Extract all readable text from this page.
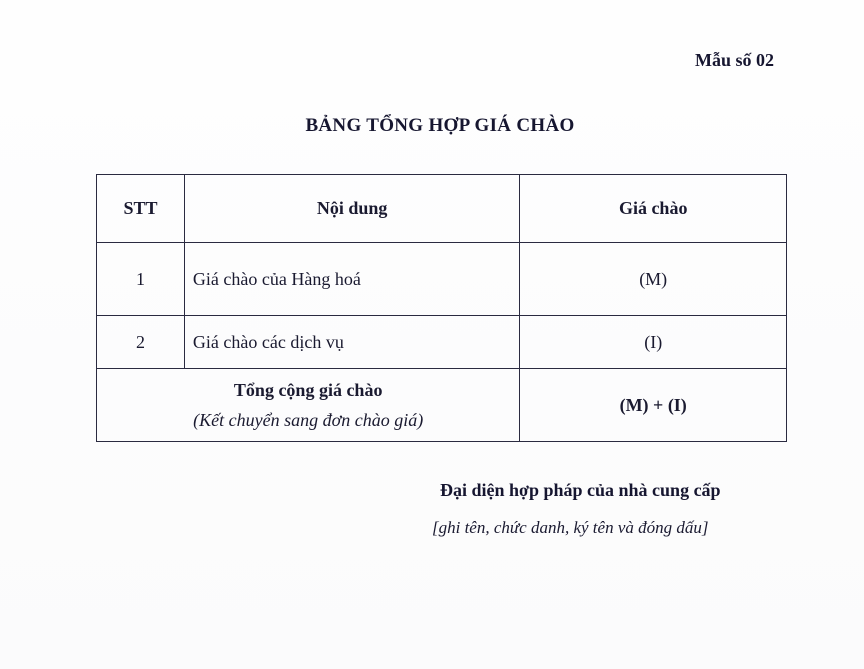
Mẫu số 02
BẢNG TỔNG HỢP GIÁ CHÀO
STT	Nội dung	Giá chào
1	Giá chào của Hàng hoá	(M)
2	Giá chào các dịch vụ	(I)

Tổng cộng giá chào
(Kết chuyển sang đơn chào giá)		(M) + (I)
Đại diện hợp pháp của nhà cung cấp
[ghi tên, chức danh, ký tên và đóng dấu]
